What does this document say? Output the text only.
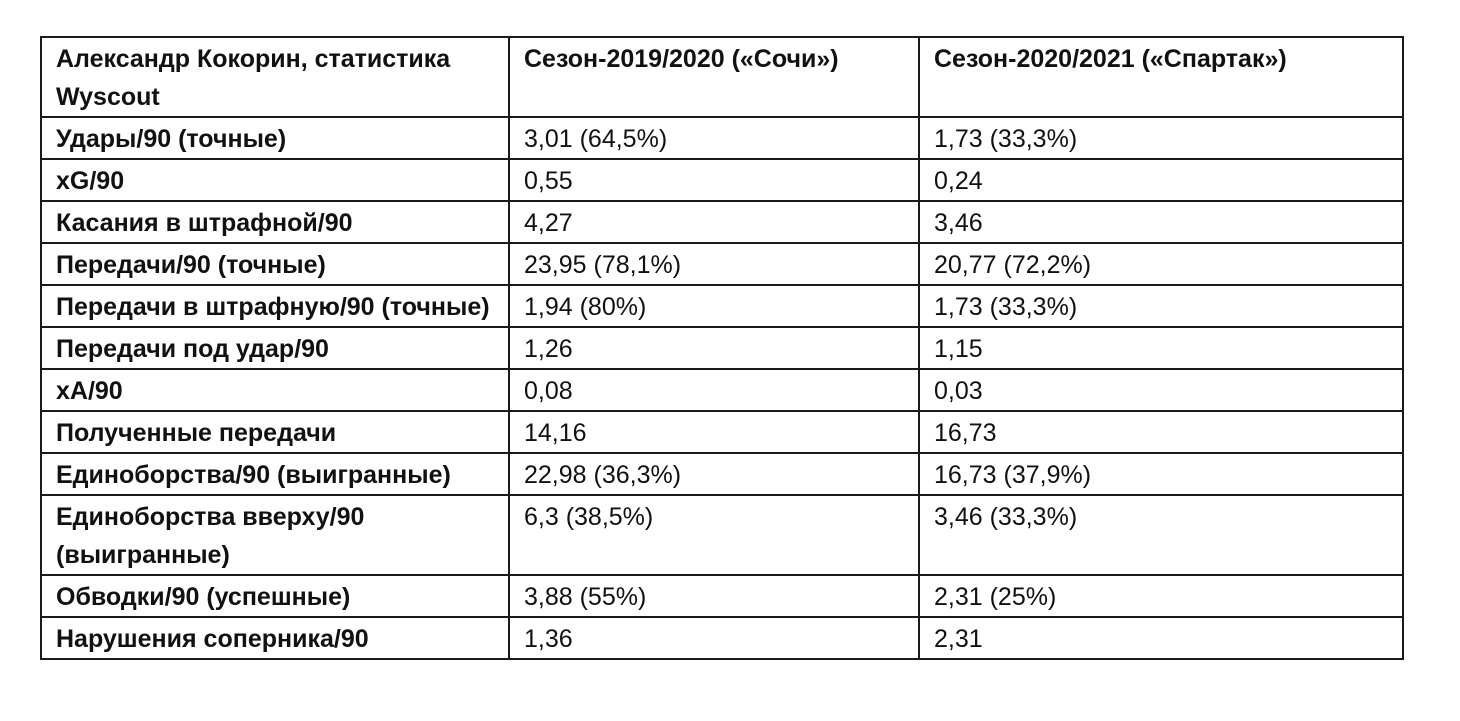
Александр Кокорин, статистика Wyscout	Сезон-2019/2020 («Сочи»)	Сезон-2020/2021 («Спартак»)
Удары/90 (точные)	3,01 (64,5%)	1,73 (33,3%)
xG/90	0,55	0,24
Касания в штрафной/90	4,27	3,46
Передачи/90 (точные)	23,95 (78,1%)	20,77 (72,2%)
Передачи в штрафную/90 (точные)	1,94 (80%)	1,73 (33,3%)
Передачи под удар/90	1,26	1,15
xA/90	0,08	0,03
Полученные передачи	14,16	16,73
Единоборства/90 (выигранные)	22,98 (36,3%)	16,73 (37,9%)
Единоборства вверху/90 (выигранные)	6,3 (38,5%)	3,46 (33,3%)
Обводки/90 (успешные)	3,88 (55%)	2,31 (25%)
Нарушения соперника/90	1,36	2,31
